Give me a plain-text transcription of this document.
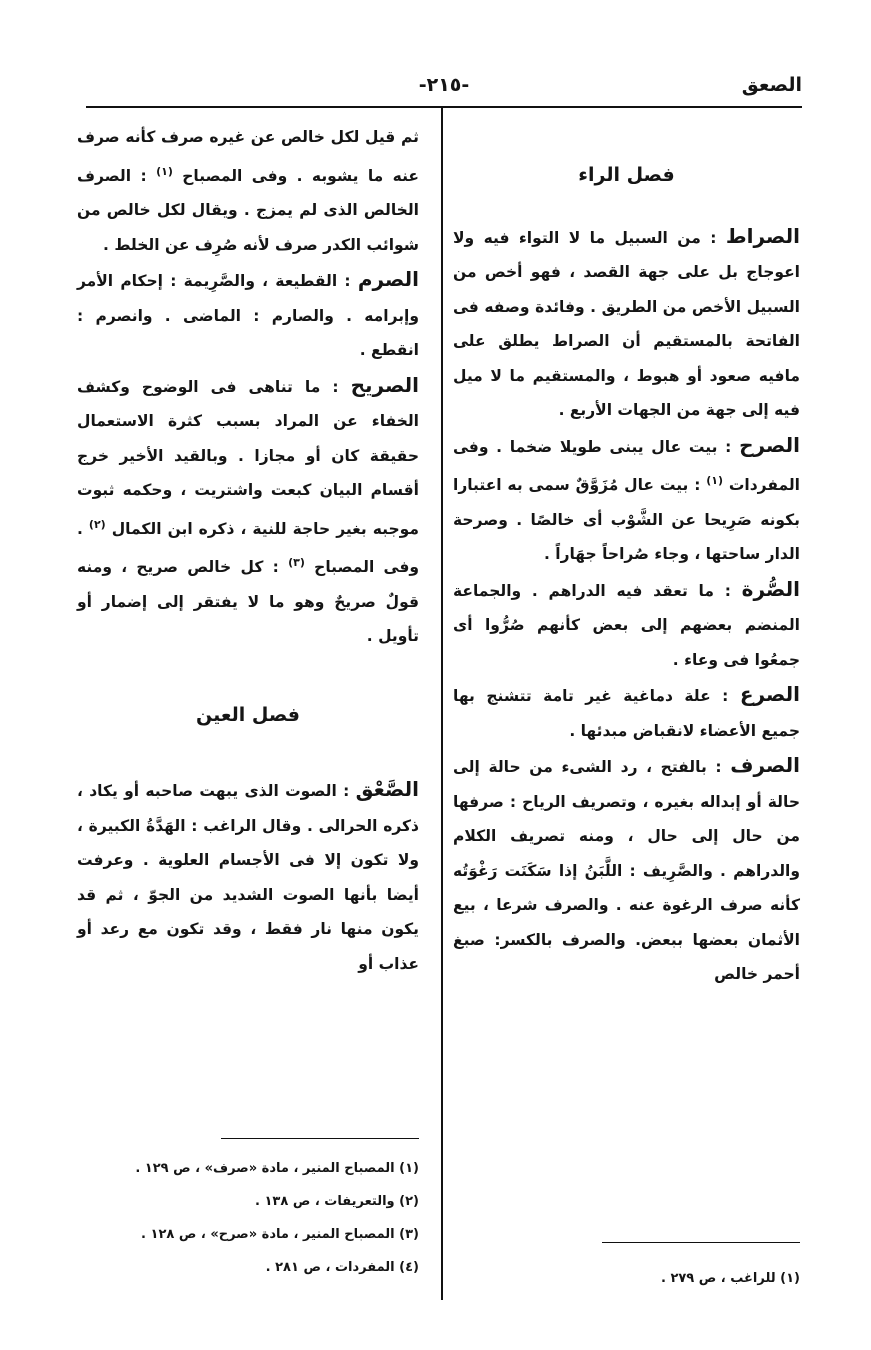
الصعق
-٢١٥-

فصل الراء

الصراط : من السبيل ما لا التواء فيه ولا اعوجاج بل على جهة القصد ، فهو أخص من السبيل الأخص من الطريق . وفائدة وصفه فى الفاتحة بالمستقيم أن الصراط يطلق على مافيه صعود أو هبوط ، والمستقيم ما لا ميل فيه إلى جهة من الجهات الأربع .

الصرح : بيت عال يبنى طويلا ضخما . وفى المفردات $^{(١)}$ : بيت عال مُزَوَّقٌ سمى به اعتبارا بكونه صَرِيحا عن الشَّوْب أى خالصًا . وصرحة الدار ساحتها ، وجاء صُراحاً جهَاراً .

الصُّرة : ما تعقد فيه الدراهم . والجماعة المنضم بعضهم إلى بعض كأنهم صُرُّوا أى جمعُوا فى وعاء .

الصرع : علة دماغية غير تامة تتشنج بها جميع الأعضاء لانقباض مبدئها .

الصرف : بالفتح ، رد الشىء من حالة إلى حالة أو إبداله بغيره ، وتصريف الرياح : صرفها من حال إلى حال ، ومنه تصريف الكلام والدراهم . والصَّرِيف : اللَّبَنُ إذا سَكَنَت رَغْوَتُه كأنه صرف الرغوة عنه . والصرف شرعا ، بيع الأثمان بعضها ببعض. والصرف بالكسر: صبغ أحمر خالص

(١) للراغب ، ص ٢٧٩ .

ثم قيل لكل خالص عن غيره صرف كأنه صرف عنه ما يشوبه . وفى المصباح $^{(١)}$ : الصرف الخالص الذى لم يمزج . ويقال لكل خالص من شوائب الكدر صرف لأنه صُرِف عن الخلط .

الصرم : القطيعة ، والصَّرِيمة : إحكام الأمر وإبرامه . والصارم : الماضى . وانصرم : انقطع .

الصريح : ما تناهى فى الوضوح وكشف الخفاء عن المراد بسبب كثرة الاستعمال حقيقة كان أو مجازا . وبالقيد الأخير خرج أقسام البيان كبعت واشتريت ، وحكمه ثبوت موجبه بغير حاجة للنية ، ذكره ابن الكمال $^{(٢)}$ . وفى المصباح $^{(٣)}$ : كل خالص صريح ، ومنه قولٌ صريحٌ وهو ما لا يفتقر إلى إضمار أو تأويل .

فصل العين

الصَّعْق : الصوت الذى يبهت صاحبه أو يكاد ، ذكره الحرالى . وقال الراغب : الهَدَّةُ الكبيرة ، ولا تكون إلا فى الأجسام العلوية . وعرفت أيضا بأنها الصوت الشديد من الجوّ ، ثم قد يكون منها نار فقط ، وقد تكون مع رعد أو عذاب أو

(١) المصباح المنير ، مادة «صرف» ، ص ١٢٩ .

(٢) والتعريفات ، ص ١٣٨ .

(٣) المصباح المنير ، مادة «صرح» ، ص ١٢٨ .

(٤) المفردات ، ص ٢٨١ .
